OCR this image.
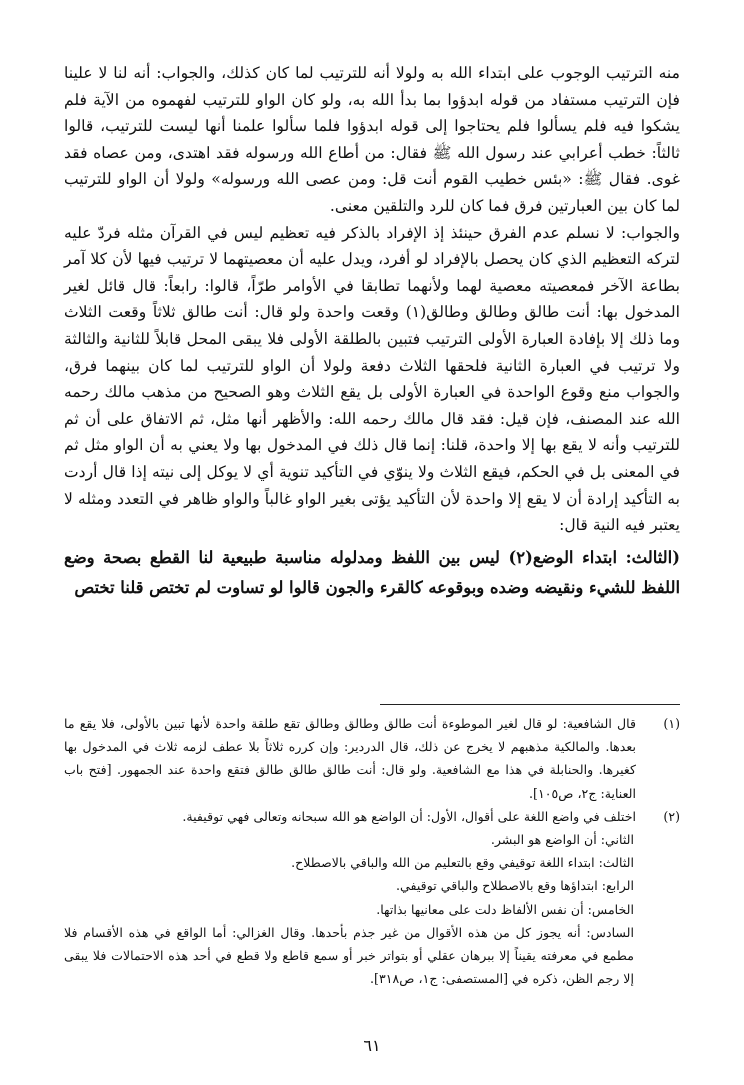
منه الترتيب الوجوب على ابتداء الله به ولولا أنه للترتيب لما كان كذلك، والجواب: أنه لنا لا علينا فإن الترتيب مستفاد من قوله ابدؤوا بما بدأ الله به، ولو كان الواو للترتيب لفهموه من الآية فلم يشكوا فيه فلم يسألوا فلم يحتاجوا إلى قوله ابدؤوا فلما سألوا علمنا أنها ليست للترتيب، قالوا ثالثاً: خطب أعرابي عند رسول الله ﷺ فقال: من أطاع الله ورسوله فقد اهتدى، ومن عصاه فقد غوى. فقال ﷺ: «بئس خطيب القوم أنت قل: ومن عصى الله ورسوله» ولولا أن الواو للترتيب لما كان بين العبارتين فرق فما كان للرد والتلقين معنى.

والجواب: لا نسلم عدم الفرق حينئذ إذ الإفراد بالذكر فيه تعظيم ليس في القرآن مثله فردّ عليه لتركه التعظيم الذي كان يحصل بالإفراد لو أفرد، ويدل عليه أن معصيتهما لا ترتيب فيها لأن كلا آمر بطاعة الآخر فمعصيته معصية لهما ولأنهما تطابقا في الأوامر طرّاً، قالوا: رابعاً: قال قائل لغير المدخول بها: أنت طالق وطالق وطالق(١) وقعت واحدة ولو قال: أنت طالق ثلاثاً وقعت الثلاث وما ذلك إلا بإفادة العبارة الأولى الترتيب فتبين بالطلقة الأولى فلا يبقى المحل قابلاً للثانية والثالثة ولا ترتيب في العبارة الثانية فلحقها الثلاث دفعة ولولا أن الواو للترتيب لما كان بينهما فرق، والجواب منع وقوع الواحدة في العبارة الأولى بل يقع الثلاث وهو الصحيح من مذهب مالك رحمه الله عند المصنف، فإن قيل: فقد قال مالك رحمه الله: والأظهر أنها مثل، ثم الاتفاق على أن ثم للترتيب وأنه لا يقع بها إلا واحدة، قلنا: إنما قال ذلك في المدخول بها ولا يعني به أن الواو مثل ثم في المعنى بل في الحكم، فيقع الثلاث ولا ينوّي في التأكيد تنوية أي لا يوكل إلى نيته إذا قال أردت به التأكيد إرادة أن لا يقع إلا واحدة لأن التأكيد يؤتى بغير الواو غالباً والواو ظاهر في التعدد ومثله لا يعتبر فيه النية قال:

(الثالث: ابتداء الوضع(٢) ليس بين اللفظ ومدلوله مناسبة طبيعية لنا القطع بصحة وضع اللفظ للشيء ونقيضه وضده وبوقوعه كالقرء والجون قالوا لو تساوت لم تختص قلنا تختص

(١)
قال الشافعية: لو قال لغير الموطوءة أنت طالق وطالق وطالق تقع طلقة واحدة لأنها تبين بالأولى، فلا يقع ما بعدها. والمالكية مذهبهم لا يخرج عن ذلك، قال الدردير: وإن كرره ثلاثاً بلا عطف لزمه ثلاث في المدخول بها كغيرها. والحنابلة في هذا مع الشافعية. ولو قال: أنت طالق طالق طالق فتقع واحدة عند الجمهور. [فتح باب العناية: ج٢، ص١٠٥].
(٢)
اختلف في واضع اللغة على أقوال، الأول: أن الواضع هو الله سبحانه وتعالى فهي توقيفية.
الثاني: أن الواضع هو البشر.
الثالث: ابتداء اللغة توقيفي وقع بالتعليم من الله والباقي بالاصطلاح.
الرابع: ابتداؤها وقع بالاصطلاح والباقي توقيفي.
الخامس: أن نفس الألفاظ دلت على معانيها بذاتها.
السادس: أنه يجوز كل من هذه الأقوال من غير جذم بأحدها. وقال الغزالي: أما الواقع في هذه الأقسام فلا مطمع في معرفته يقيناً إلا ببرهان عقلي أو بتواتر خبر أو سمع قاطع ولا قطع في أحد هذه الاحتمالات فلا يبقى إلا رجم الظن، ذكره في [المستصفى: ج١، ص٣١٨].
٦١
